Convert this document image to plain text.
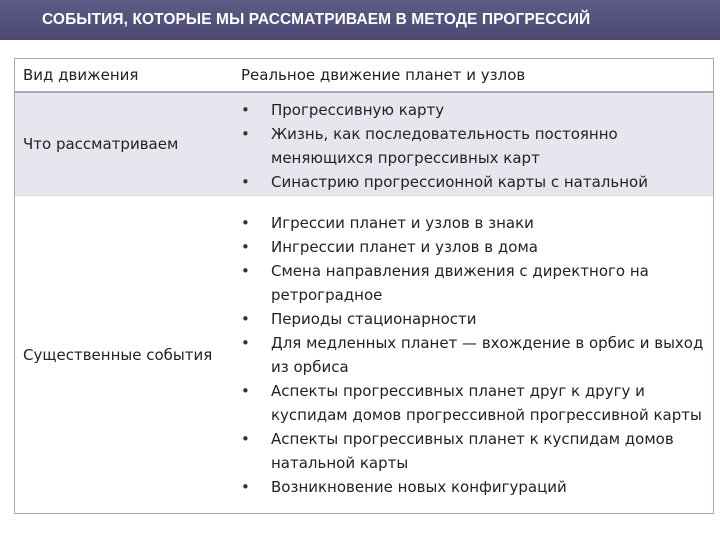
СОБЫТИЯ, КОТОРЫЕ МЫ РАССМАТРИВАЕМ В МЕТОДЕ ПРОГРЕССИЙ
Вид движения	Реальное движение планет и узлов
Что рассматриваем
• Прогрессивную карту
• Жизнь, как последовательность постоянно меняющихся прогрессивных карт
• Синастрию прогрессионной карты с натальной
Существенные события
• Игрессии планет и узлов в знаки
• Ингрессии планет и узлов в дома
• Смена направления движения с директного на ретроградное
• Периоды стационарности
• Для медленных планет — вхождение в орбис и выход из орбиса
• Аспекты прогрессивных планет друг к другу и куспидам домов прогрессивной прогрессивной карты
• Аспекты прогрессивных планет к куспидам домов натальной карты
• Возникновение новых конфигураций
